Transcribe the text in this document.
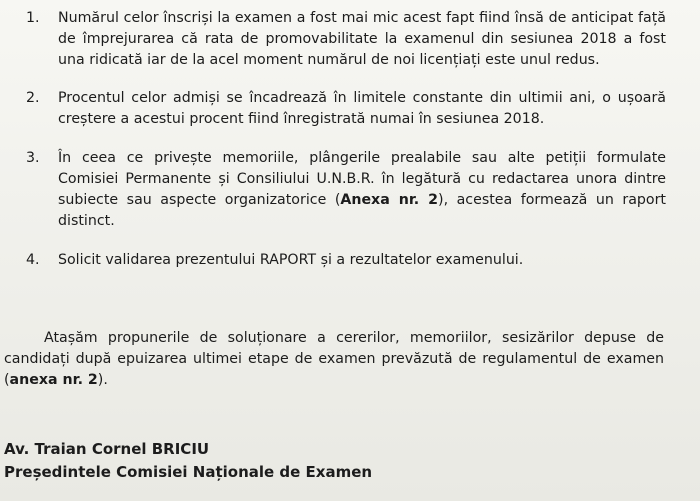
1.	Numărul celor înscriși la examen a fost mai mic acest fapt fiind însă de anticipat față de împrejurarea că rata de promovabilitate la examenul din sesiunea 2018 a fost una ridicată iar de la acel moment numărul de noi licențiați este unul redus.
2.	Procentul celor admiși se încadrează în limitele constante din ultimii ani, o ușoară creștere a acestui procent fiind înregistrată numai în sesiunea 2018.
3.	În ceea ce privește memoriile, plângerile prealabile sau alte petiții formulate Comisiei Permanente și Consiliului U.N.B.R. în legătură cu redactarea unora dintre subiecte sau aspecte organizatorice (Anexa nr. 2), acestea formează un raport distinct.
4.	Solicit validarea prezentului RAPORT și a rezultatelor examenului.

Atașăm propunerile de soluționare a cererilor, memoriilor, sesizărilor depuse de candidați după epuizarea ultimei etape de examen prevăzută de regulamentul de examen (anexa nr. 2).

Av. Traian Cornel BRICIU
Președintele Comisiei Naționale de Examen
